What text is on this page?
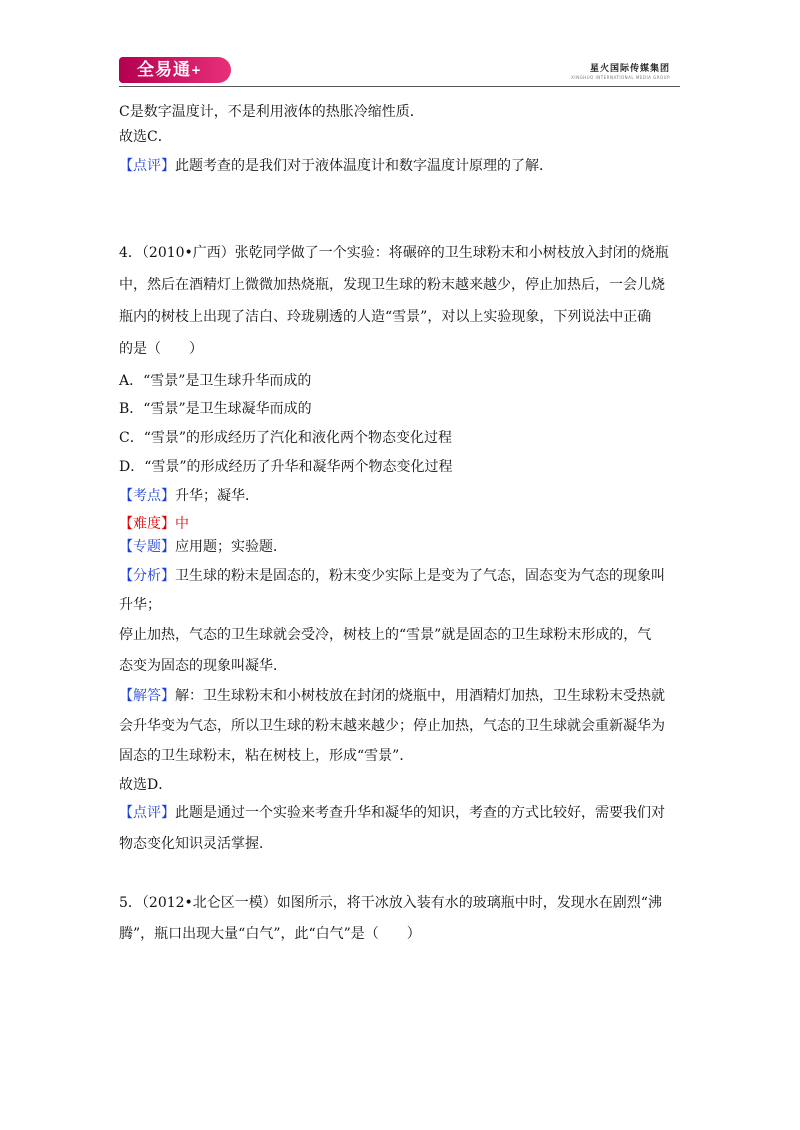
全易通+	星火国际传媒集团
XINGHUO INTERNATIONAL MEDIA GROUP
C是数字温度计，不是利用液体的热胀冷缩性质．
故选C．
【点评】此题考查的是我们对于液体温度计和数字温度计原理的了解．
4．（2010•广西）张乾同学做了一个实验：将碾碎的卫生球粉末和小树枝放入封闭的烧瓶
中，然后在酒精灯上微微加热烧瓶，发现卫生球的粉末越来越少，停止加热后，一会儿烧
瓶内的树枝上出现了洁白、玲珑剔透的人造“雪景”，对以上实验现象，下列说法中正确
的是（　　）
A．“雪景”是卫生球升华而成的
B．“雪景”是卫生球凝华而成的
C．“雪景”的形成经历了汽化和液化两个物态变化过程
D．“雪景”的形成经历了升华和凝华两个物态变化过程
【考点】升华；凝华．
【难度】中
【专题】应用题；实验题．
【分析】卫生球的粉末是固态的，粉末变少实际上是变为了气态，固态变为气态的现象叫
升华；
停止加热，气态的卫生球就会受冷，树枝上的“雪景”就是固态的卫生球粉末形成的，气
态变为固态的现象叫凝华．
【解答】解：卫生球粉末和小树枝放在封闭的烧瓶中，用酒精灯加热，卫生球粉末受热就
会升华变为气态，所以卫生球的粉末越来越少；停止加热，气态的卫生球就会重新凝华为
固态的卫生球粉末，粘在树枝上，形成“雪景”．
故选D．
【点评】此题是通过一个实验来考查升华和凝华的知识，考查的方式比较好，需要我们对
物态变化知识灵活掌握．
5．（2012•北仑区一模）如图所示，将干冰放入装有水的玻璃瓶中时，发现水在剧烈“沸
腾”，瓶口出现大量“白气”，此“白气”是（　　）
